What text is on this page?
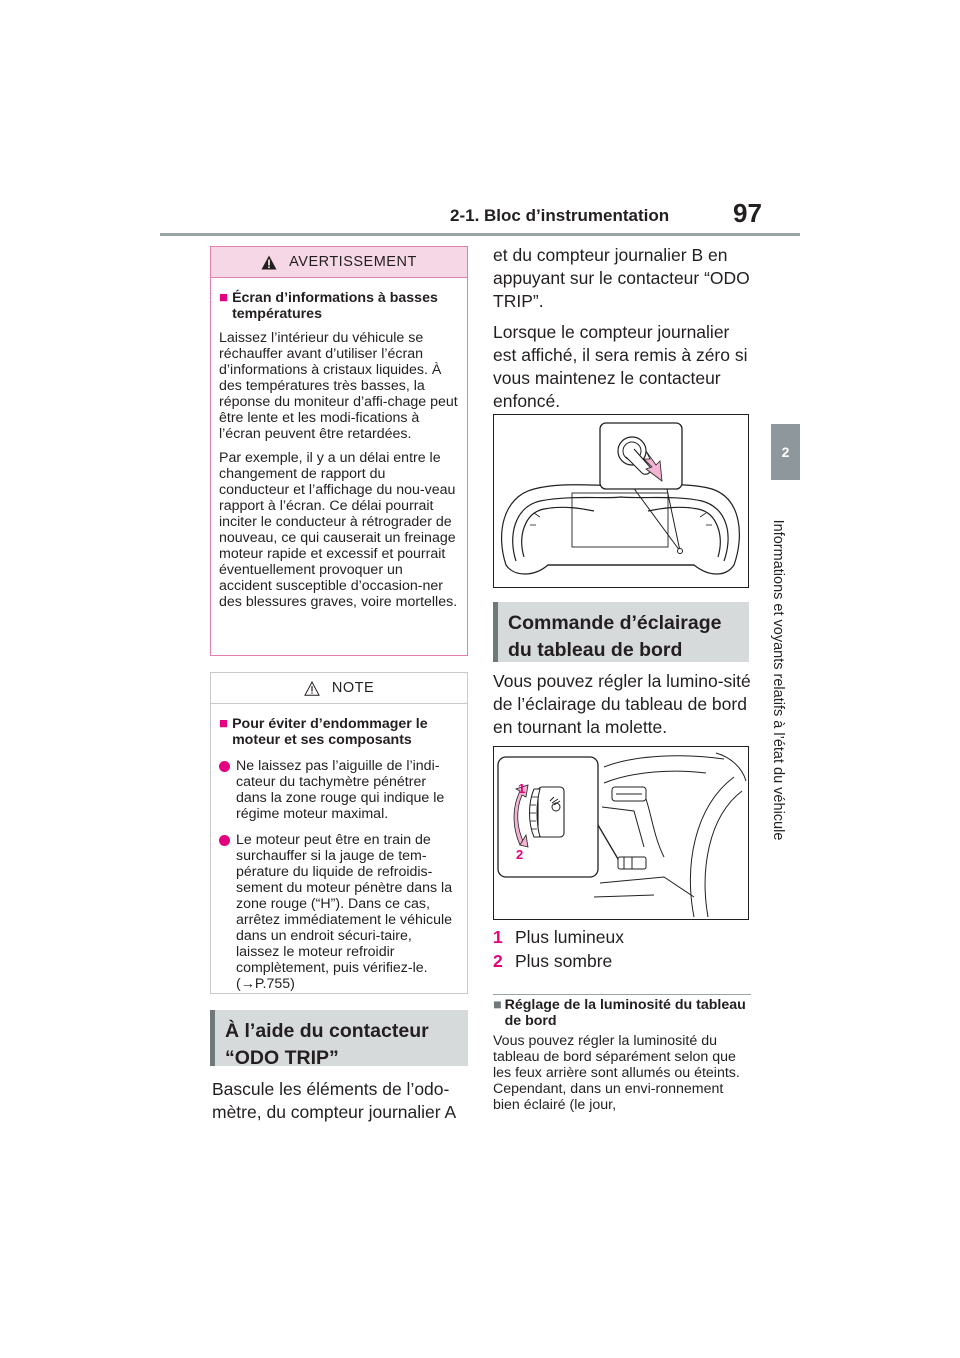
2-1. Bloc d’instrumentation 97
2
Informations et voyants relatifs à l’état du véhicule
AVERTISSEMENT
■ Écran d’informations à basses températures
Laissez l’intérieur du véhicule se réchauffer avant d’utiliser l’écran d’informations à cristaux liquides. À des températures très basses, la réponse du moniteur d’affi-chage peut être lente et les modi-fications à l’écran peuvent être retardées.
Par exemple, il y a un délai entre le changement de rapport du conducteur et l’affichage du nou-veau rapport à l’écran. Ce délai pourrait inciter le conducteur à rétrograder de nouveau, ce qui causerait un freinage moteur rapide et excessif et pourrait éventuellement provoquer un accident susceptible d’occasion-ner des blessures graves, voire mortelles.
NOTE
■ Pour éviter d’endommager le moteur et ses composants
Ne laissez pas l’aiguille de l’indi-cateur du tachymètre pénétrer dans la zone rouge qui indique le régime moteur maximal.
Le moteur peut être en train de surchauffer si la jauge de tem-pérature du liquide de refroidis-sement du moteur pénètre dans la zone rouge (“H”). Dans ce cas, arrêtez immédiatement le véhicule dans un endroit sécuri-taire, laissez le moteur refroidir complètement, puis vérifiez-le. (→P.755)
À l’aide du contacteur “ODO TRIP”
Bascule les éléments de l’odo-mètre, du compteur journalier A
et du compteur journalier B en appuyant sur le contacteur “ODO TRIP”.
Lorsque le compteur journalier est affiché, il sera remis à zéro si vous maintenez le contacteur enfoncé.
Commande d’éclairage du tableau de bord
Vous pouvez régler la lumino-sité de l’éclairage du tableau de bord en tournant la molette.
1
2
1 Plus lumineux
2 Plus sombre
■ Réglage de la luminosité du tableau de bord
Vous pouvez régler la luminosité du tableau de bord séparément selon que les feux arrière sont allumés ou éteints. Cependant, dans un envi-ronnement bien éclairé (le jour,
